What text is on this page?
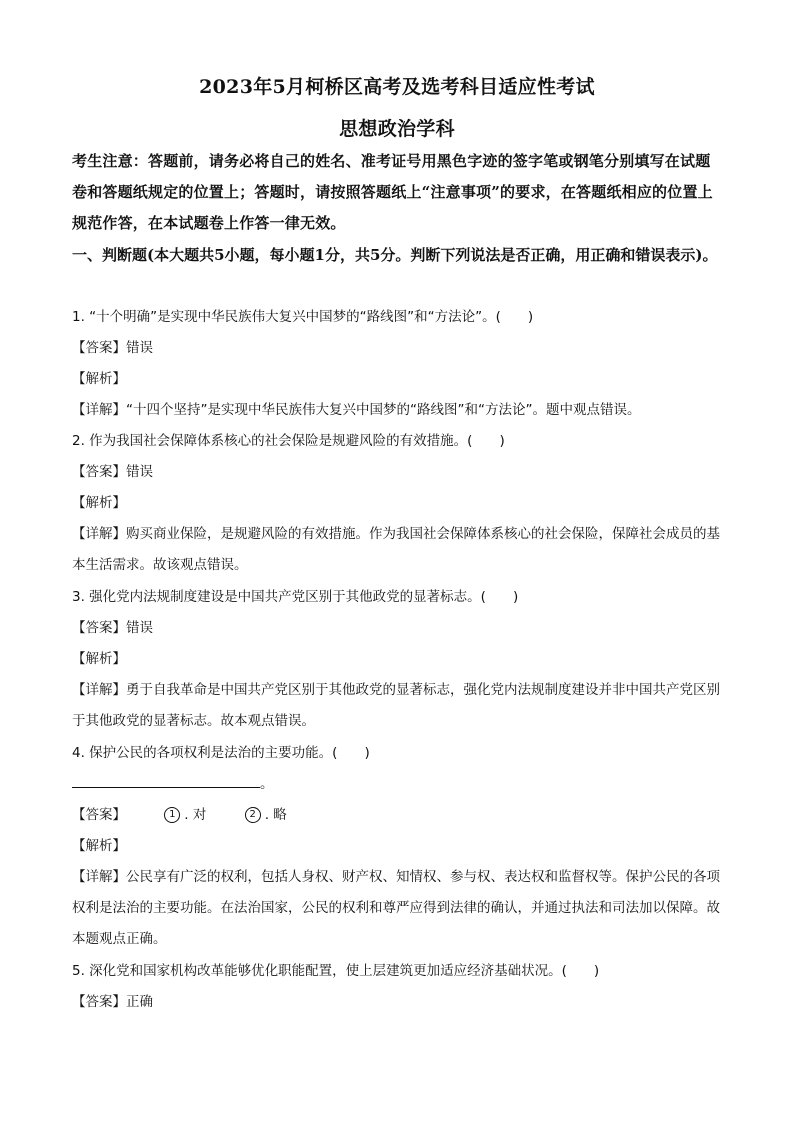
2023年5月柯桥区高考及选考科目适应性考试
思想政治学科
考生注意：答题前，请务必将自己的姓名、准考证号用黑色字迹的签字笔或钢笔分别填写在试题卷和答题纸规定的位置上；答题时，请按照答题纸上“注意事项”的要求，在答题纸相应的位置上规范作答，在本试题卷上作答一律无效。
一、判断题(本大题共5小题，每小题1分，共5分。判断下列说法是否正确，用正确和错误表示)。
1. “十个明确”是实现中华民族伟大复兴中国梦的“路线图”和“方法论”。(　　)
【答案】错误
【解析】
【详解】“十四个坚持”是实现中华民族伟大复兴中国梦的“路线图”和“方法论”。题中观点错误。
2. 作为我国社会保障体系核心的社会保险是规避风险的有效措施。(　　)
【答案】错误
【解析】
【详解】购买商业保险，是规避风险的有效措施。作为我国社会保障体系核心的社会保险，保障社会成员的基本生活需求。故该观点错误。
3. 强化党内法规制度建设是中国共产党区别于其他政党的显著标志。(　　)
【答案】错误
【解析】
【详解】勇于自我革命是中国共产党区别于其他政党的显著标志，强化党内法规制度建设并非中国共产党区别于其他政党的显著标志。故本观点错误。
4. 保护公民的各项权利是法治的主要功能。(　　)
。
【答案】	1 . 对	2 . 略
【解析】
【详解】公民享有广泛的权利，包括人身权、财产权、知情权、参与权、表达权和监督权等。保护公民的各项权利是法治的主要功能。在法治国家，公民的权利和尊严应得到法律的确认，并通过执法和司法加以保障。故本题观点正确。
5. 深化党和国家机构改革能够优化职能配置，使上层建筑更加适应经济基础状况。(　　)
【答案】正确
